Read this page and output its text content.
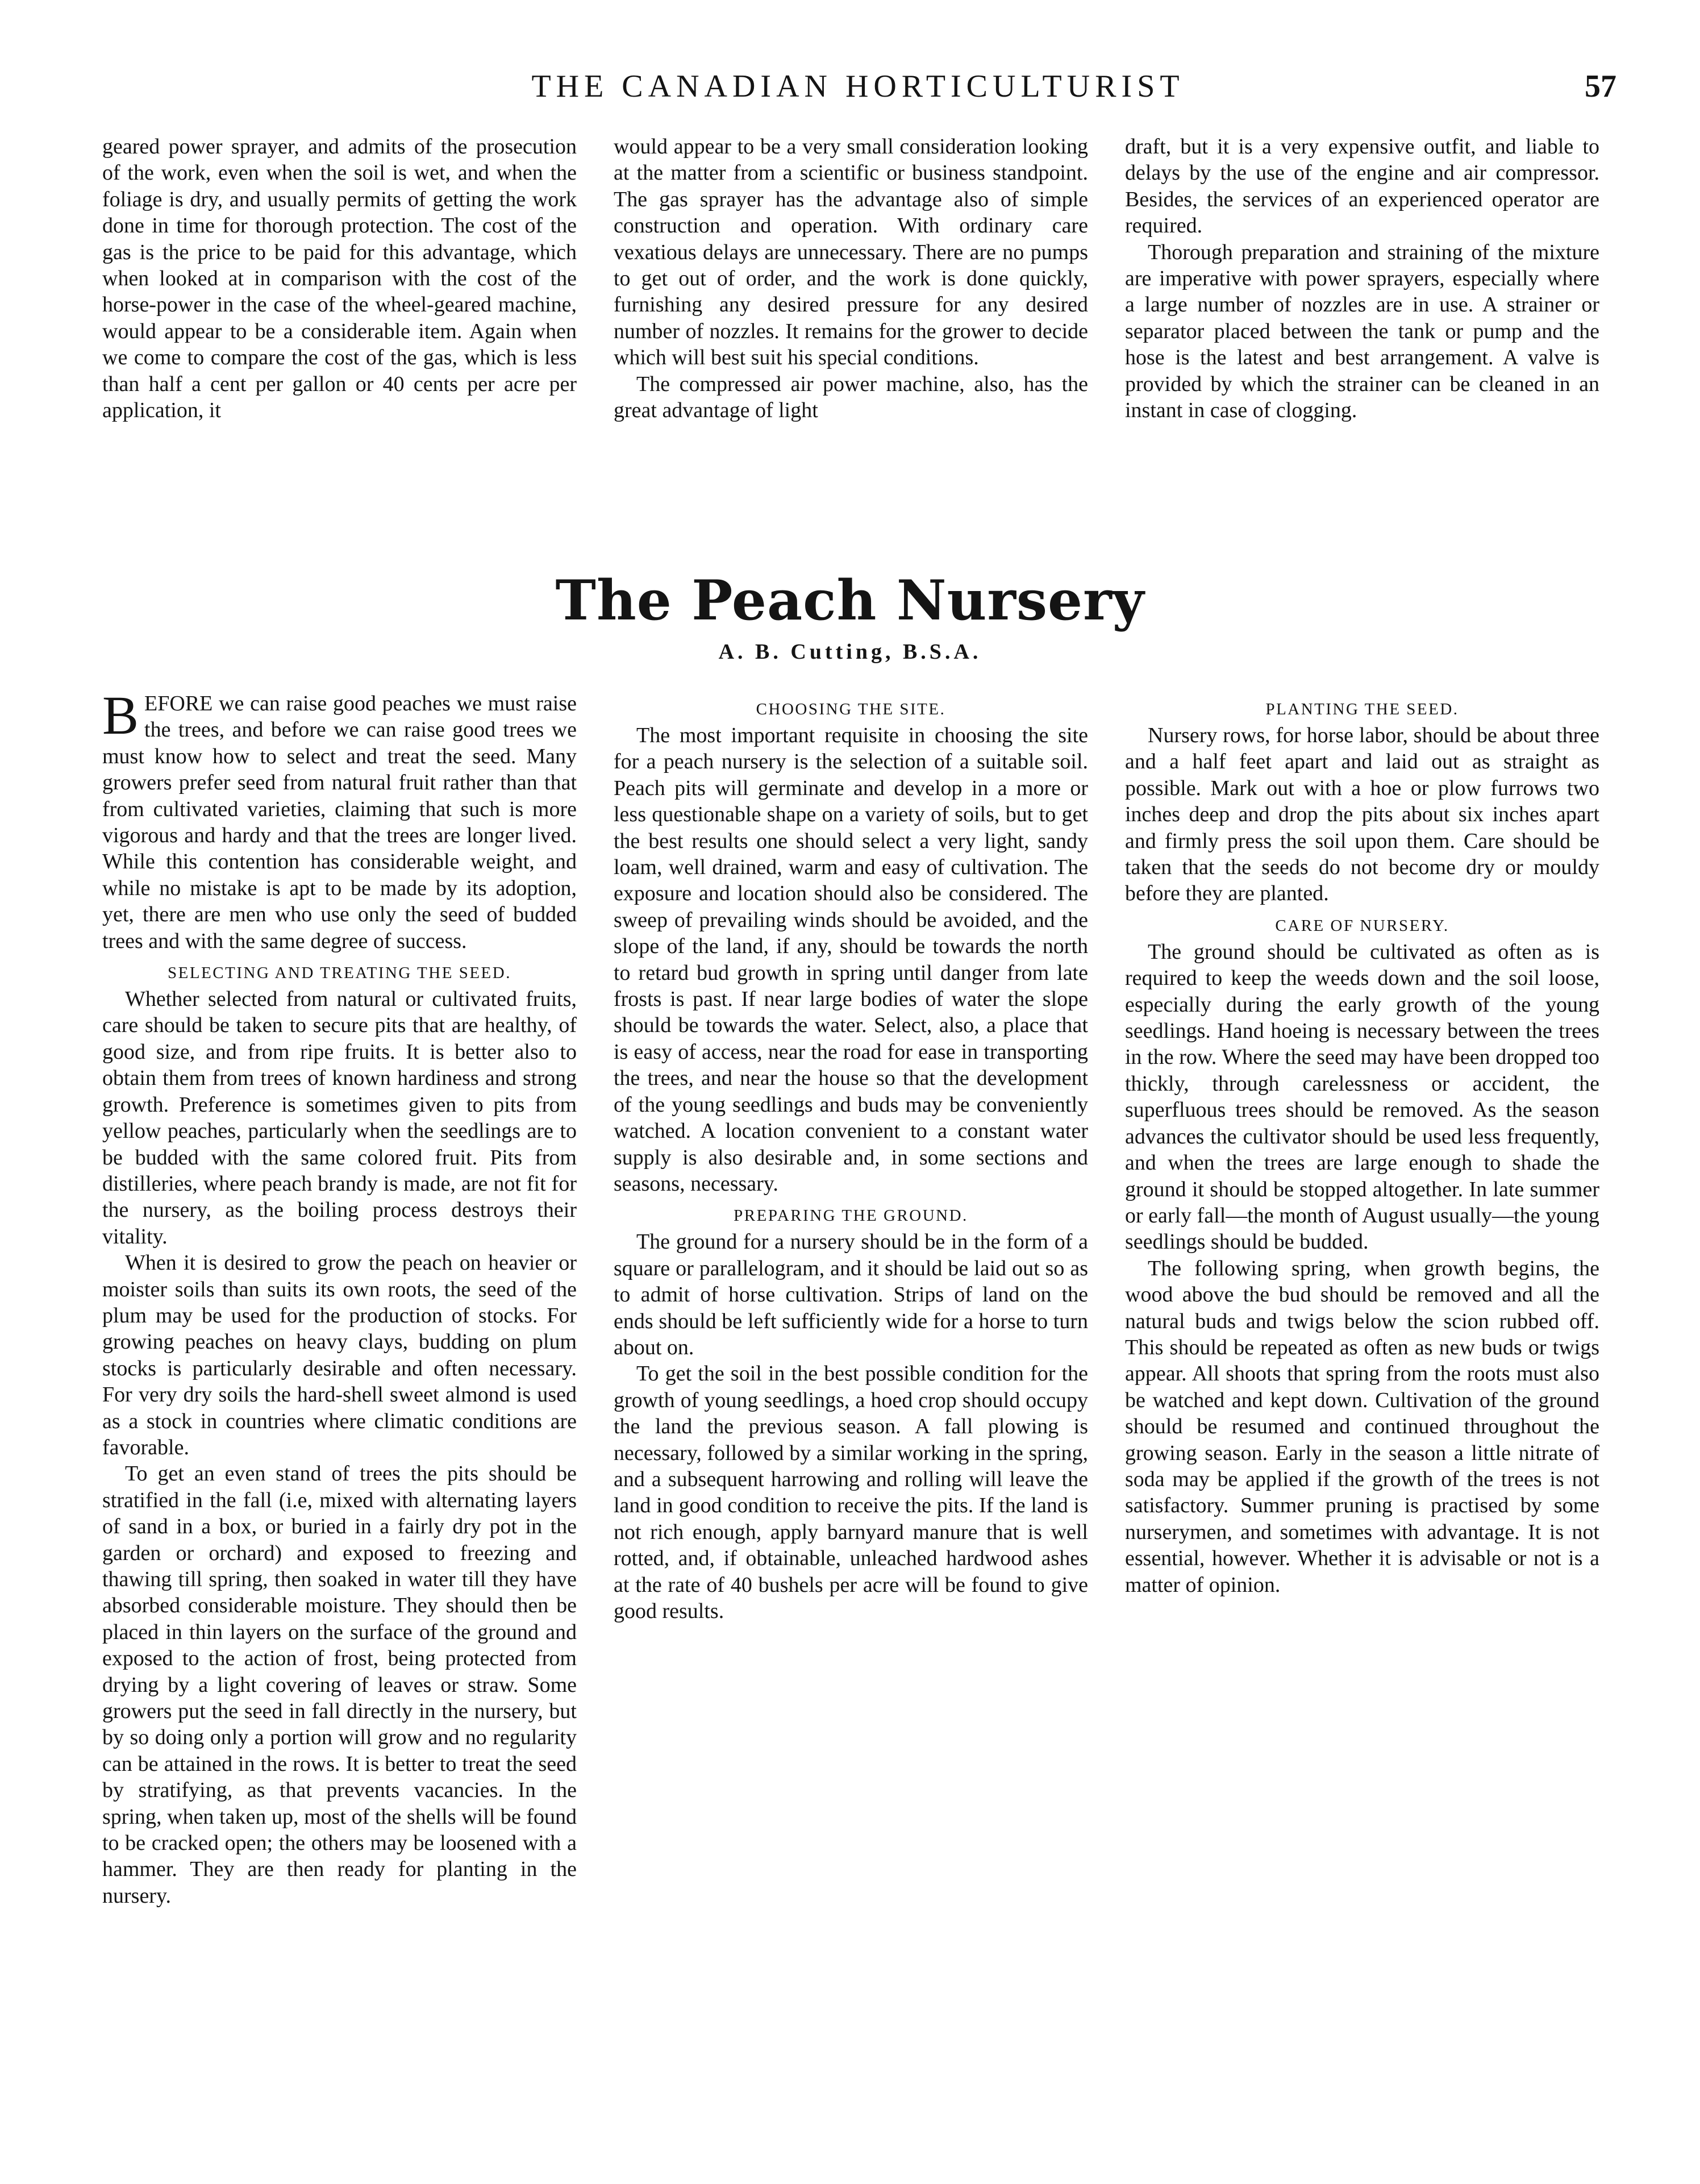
THE CANADIAN HORTICULTURIST	57

geared power sprayer, and admits of the prosecution of the work, even when the soil is wet, and when the foliage is dry, and usually permits of getting the work done in time for thorough protection. The cost of the gas is the price to be paid for this advantage, which when looked at in comparison with the cost of the horse-power in the case of the wheel-geared machine, would appear to be a considerable item. Again when we come to compare the cost of the gas, which is less than half a cent per gallon or 40 cents per acre per application, it

would appear to be a very small consideration looking at the matter from a scientific or business standpoint. The gas sprayer has the advantage also of simple construction and operation. With ordinary care vexatious delays are unnecessary. There are no pumps to get out of order, and the work is done quickly, furnishing any desired pressure for any desired number of nozzles. It remains for the grower to decide which will best suit his special conditions.

The compressed air power machine, also, has the great advantage of light

draft, but it is a very expensive outfit, and liable to delays by the use of the engine and air compressor. Besides, the services of an experienced operator are required.

Thorough preparation and straining of the mixture are imperative with power sprayers, especially where a large number of nozzles are in use. A strainer or separator placed between the tank or pump and the hose is the latest and best arrangement. A valve is provided by which the strainer can be cleaned in an instant in case of clogging.

The Peach Nursery
A. B. Cutting, B.S.A.

BEFORE we can raise good peaches we must raise the trees, and before we can raise good trees we must know how to select and treat the seed. Many growers prefer seed from natural fruit rather than that from cultivated varieties, claiming that such is more vigorous and hardy and that the trees are longer lived. While this contention has considerable weight, and while no mistake is apt to be made by its adoption, yet, there are men who use only the seed of budded trees and with the same degree of success.

SELECTING AND TREATING THE SEED.

Whether selected from natural or cultivated fruits, care should be taken to secure pits that are healthy, of good size, and from ripe fruits. It is better also to obtain them from trees of known hardiness and strong growth. Preference is sometimes given to pits from yellow peaches, particularly when the seedlings are to be budded with the same colored fruit. Pits from distilleries, where peach brandy is made, are not fit for the nursery, as the boiling process destroys their vitality.

When it is desired to grow the peach on heavier or moister soils than suits its own roots, the seed of the plum may be used for the production of stocks. For growing peaches on heavy clays, budding on plum stocks is particularly desirable and often necessary. For very dry soils the hard-shell sweet almond is used as a stock in countries where climatic conditions are favorable.

To get an even stand of trees the pits should be stratified in the fall (i.e, mixed with alternating layers of sand in a box, or buried in a fairly dry pot in the garden or orchard) and exposed to freezing and thawing till spring, then soaked in water till they have absorbed considerable moisture. They should then be placed in thin layers on the surface of the ground and exposed to the action of frost, being protected from drying by a light covering of leaves or straw. Some growers put the seed in fall directly in the nursery, but by so doing only a portion will grow and no regularity can be attained in the rows. It is better to treat the seed by stratifying, as that prevents vacancies. In the spring, when taken up, most of the shells will be found to be cracked open; the others may be loosened with a hammer. They are then ready for planting in the nursery.

CHOOSING THE SITE.

The most important requisite in choosing the site for a peach nursery is the selection of a suitable soil. Peach pits will germinate and develop in a more or less questionable shape on a variety of soils, but to get the best results one should select a very light, sandy loam, well drained, warm and easy of cultivation. The exposure and location should also be considered. The sweep of prevailing winds should be avoided, and the slope of the land, if any, should be towards the north to retard bud growth in spring until danger from late frosts is past. If near large bodies of water the slope should be towards the water. Select, also, a place that is easy of access, near the road for ease in transporting the trees, and near the house so that the development of the young seedlings and buds may be conveniently watched. A location convenient to a constant water supply is also desirable and, in some sections and seasons, necessary.

PREPARING THE GROUND.

The ground for a nursery should be in the form of a square or parallelogram, and it should be laid out so as to admit of horse cultivation. Strips of land on the ends should be left sufficiently wide for a horse to turn about on.

To get the soil in the best possible condition for the growth of young seedlings, a hoed crop should occupy the land the previous season. A fall plowing is necessary, followed by a similar working in the spring, and a subsequent harrowing and rolling will leave the land in good condition to receive the pits. If the land is not rich enough, apply barnyard manure that is well rotted, and, if obtainable, unleached hardwood ashes at the rate of 40 bushels per acre will be found to give good results.

PLANTING THE SEED.

Nursery rows, for horse labor, should be about three and a half feet apart and laid out as straight as possible. Mark out with a hoe or plow furrows two inches deep and drop the pits about six inches apart and firmly press the soil upon them. Care should be taken that the seeds do not become dry or mouldy before they are planted.

CARE OF NURSERY.

The ground should be cultivated as often as is required to keep the weeds down and the soil loose, especially during the early growth of the young seedlings. Hand hoeing is necessary between the trees in the row. Where the seed may have been dropped too thickly, through carelessness or accident, the superfluous trees should be removed. As the season advances the cultivator should be used less frequently, and when the trees are large enough to shade the ground it should be stopped altogether. In late summer or early fall—the month of August usually—the young seedlings should be budded.

The following spring, when growth begins, the wood above the bud should be removed and all the natural buds and twigs below the scion rubbed off. This should be repeated as often as new buds or twigs appear. All shoots that spring from the roots must also be watched and kept down. Cultivation of the ground should be resumed and continued throughout the growing season. Early in the season a little nitrate of soda may be applied if the growth of the trees is not satisfactory. Summer pruning is practised by some nurserymen, and sometimes with advantage. It is not essential, however. Whether it is advisable or not is a matter of opinion.
